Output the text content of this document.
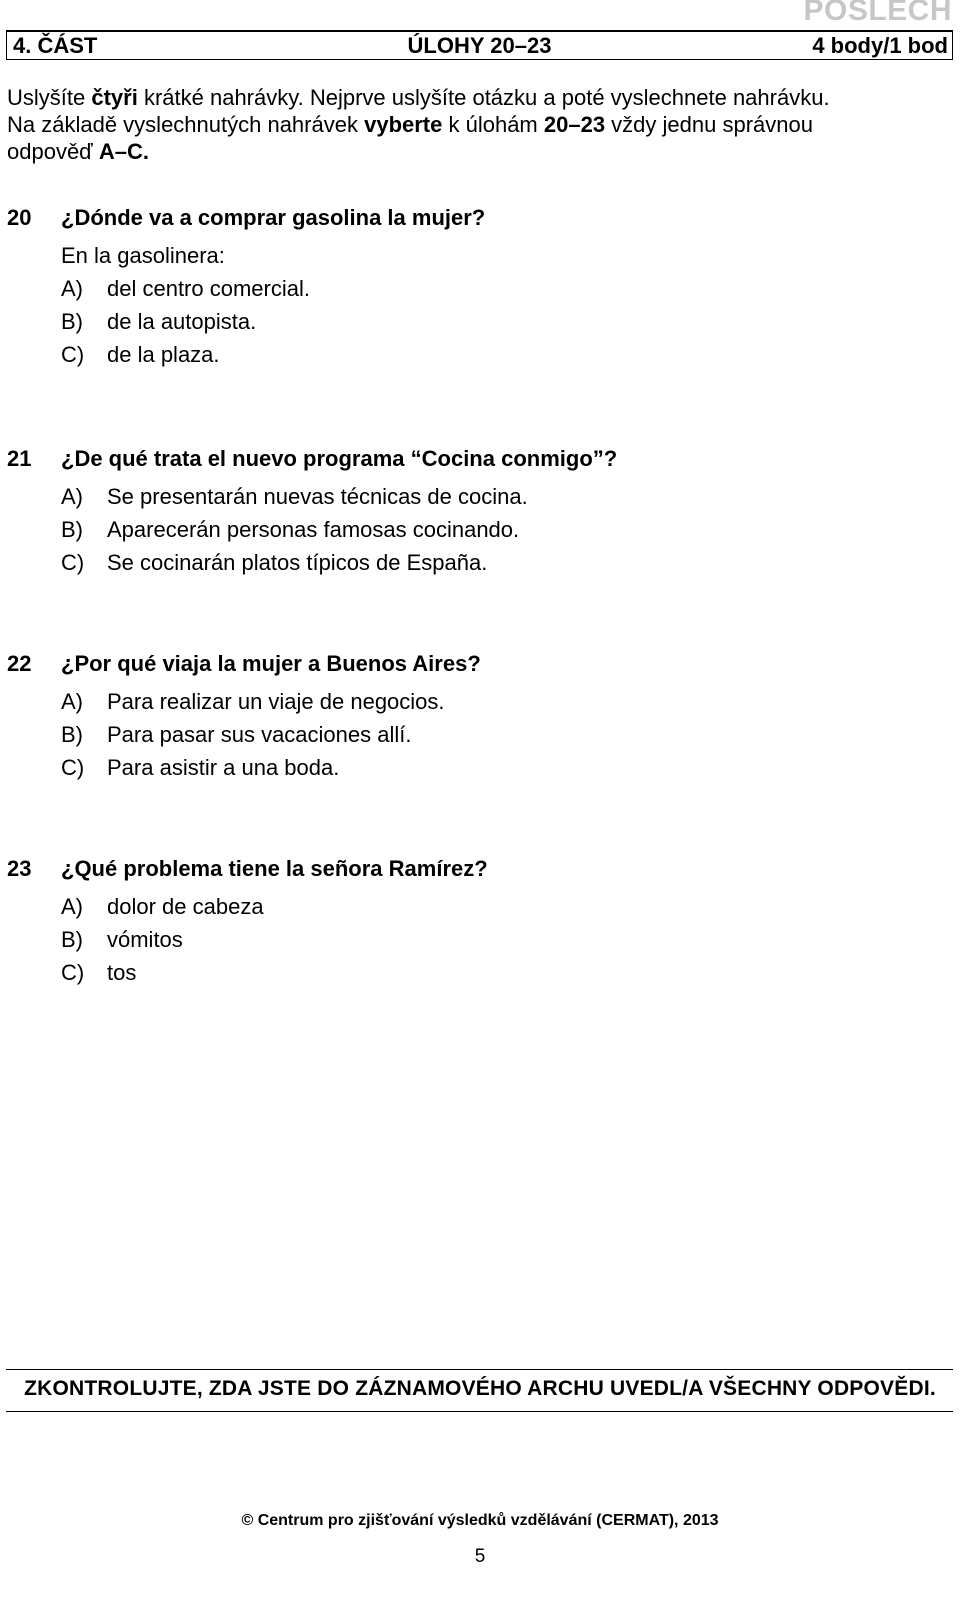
POSLECH
4. ČÁST	ÚLOHY 20–23	4 body/1 bod
Uslyšíte čtyři krátké nahrávky. Nejprve uslyšíte otázku a poté vyslechnete nahrávku.
Na základě vyslechnutých nahrávek vyberte k úlohám 20–23 vždy jednu správnou
odpověď A–C.
20	¿Dónde va a comprar gasolina la mujer?
En la gasolinera:
A)	del centro comercial.
B)	de la autopista.
C)	de la plaza.
21	¿De qué trata el nuevo programa “Cocina conmigo”?
A)	Se presentarán nuevas técnicas de cocina.
B)	Aparecerán personas famosas cocinando.
C)	Se cocinarán platos típicos de España.
22	¿Por qué viaja la mujer a Buenos Aires?
A)	Para realizar un viaje de negocios.
B)	Para pasar sus vacaciones allí.
C)	Para asistir a una boda.
23	¿Qué problema tiene la señora Ramírez?
A)	dolor de cabeza
B)	vómitos
C)	tos
ZKONTROLUJTE, ZDA JSTE DO ZÁZNAMOVÉHO ARCHU UVEDL/A VŠECHNY ODPOVĚDI.
© Centrum pro zjišťování výsledků vzdělávání (CERMAT), 2013
5
